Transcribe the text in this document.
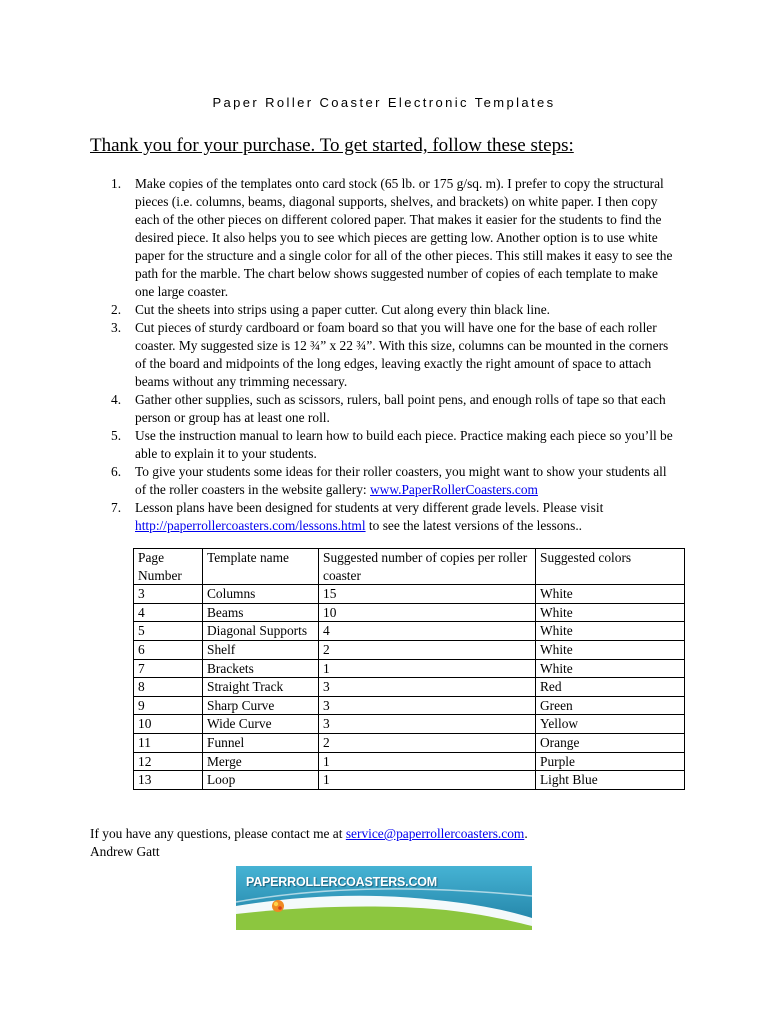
Paper Roller Coaster Electronic Templates
Thank you for your purchase. To get started, follow these steps:
1. Make copies of the templates onto card stock (65 lb. or 175 g/sq. m). I prefer to copy the structural pieces (i.e. columns, beams, diagonal supports, shelves, and brackets) on white paper. I then copy each of the other pieces on different colored paper. That makes it easier for the students to find the desired piece. It also helps you to see which pieces are getting low. Another option is to use white paper for the structure and a single color for all of the other pieces. This still makes it easy to see the path for the marble. The chart below shows suggested number of copies of each template to make one large coaster.
2. Cut the sheets into strips using a paper cutter. Cut along every thin black line.
3. Cut pieces of sturdy cardboard or foam board so that you will have one for the base of each roller coaster. My suggested size is 12 ¾” x 22 ¾”. With this size, columns can be mounted in the corners of the board and midpoints of the long edges, leaving exactly the right amount of space to attach beams without any trimming necessary.
4. Gather other supplies, such as scissors, rulers, ball point pens, and enough rolls of tape so that each person or group has at least one roll.
5. Use the instruction manual to learn how to build each piece. Practice making each piece so you’ll be able to explain it to your students.
6. To give your students some ideas for their roller coasters, you might want to show your students all of the roller coasters in the website gallery: www.PaperRollerCoasters.com
7. Lesson plans have been designed for students at very different grade levels. Please visit http://paperrollercoasters.com/lessons.html to see the latest versions of the lessons..
Page Number	Template name	Suggested number of copies per roller coaster	Suggested colors
3	Columns	15	White
4	Beams	10	White
5	Diagonal Supports	4	White
6	Shelf	2	White
7	Brackets	1	White
8	Straight Track	3	Red
9	Sharp Curve	3	Green
10	Wide Curve	3	Yellow
11	Funnel	2	Orange
12	Merge	1	Purple
13	Loop	1	Light Blue
If you have any questions, please contact me at service@paperrollercoasters.com.
Andrew Gatt
PAPERROLLERCOASTERS.COM
